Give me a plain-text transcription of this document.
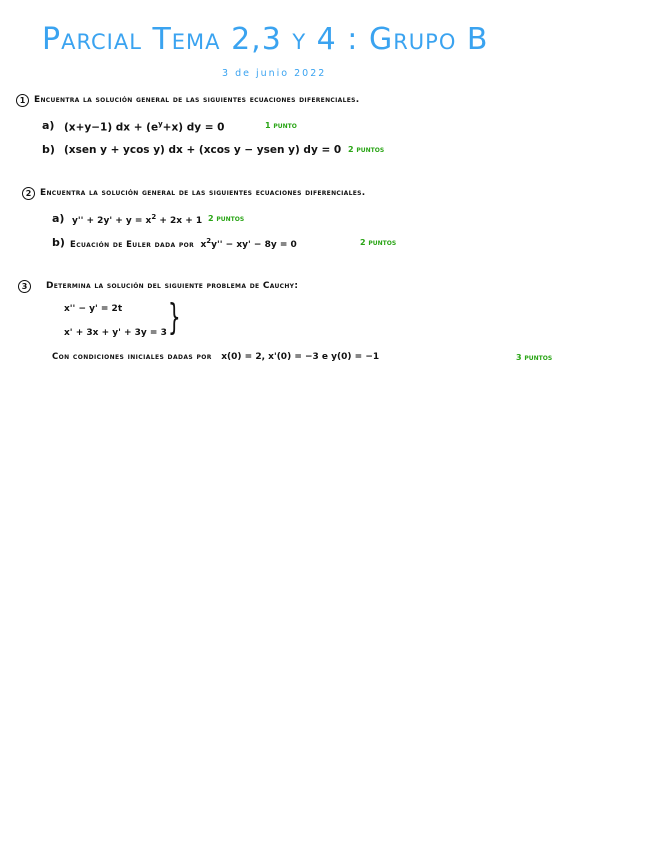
Parcial Tema 2,3 y 4 : Grupo B
3 de junio 2022
1 Encuentra la solución general de las siguientes ecuaciones diferenciales.
a) (x+y−1) dx + $(e^y+x)$ dy = 0	1 punto
b) (xsen y + ycos y) dx + (xcos y − ysen y) dy = 0 2 puntos
2 Encuentra la solución general de las siguientes ecuaciones diferenciales.
a) $y'' + 2y' + y = x^2 + 2x + 1$ 2 puntos
b) Ecuación de Euler dada por $x^2y'' - xy' - 8y = 0$	2 puntos
3	Determina la solución del siguiente problema de Cauchy:
x'' − y' = 2t
x' + 3x + y' + 3y = 3 }
Con condiciones iniciales dadas por x(0) = 2, x'(0) = −3 e y(0) = −1	3 puntos
